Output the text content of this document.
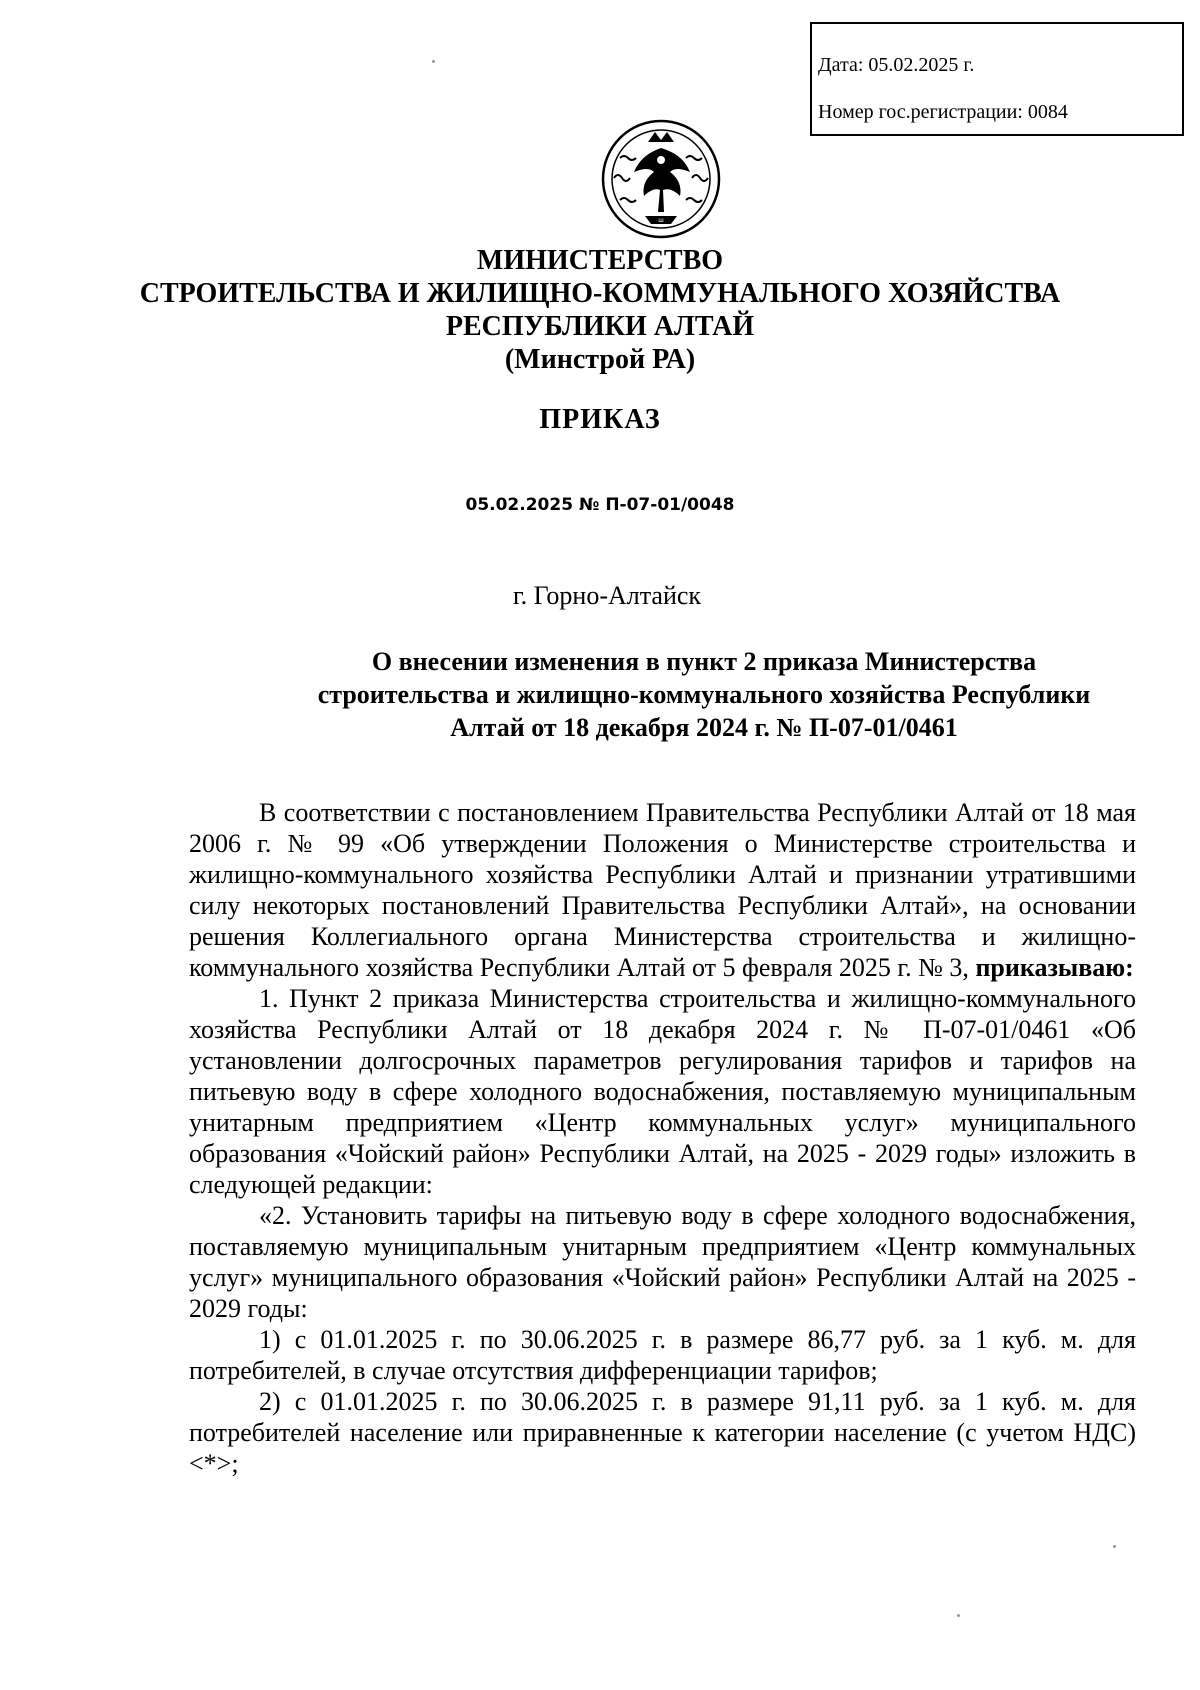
Дата: 05.02.2025 г.
Номер гос.регистрации: 0084
ш
МИНИСТЕРСТВО
СТРОИТЕЛЬСТВА И ЖИЛИЩНО-КОММУНАЛЬНОГО ХОЗЯЙСТВА
РЕСПУБЛИКИ АЛТАЙ
(Минстрой РА)
ПРИКАЗ
05.02.2025 № П-07-01/0048
г. Горно-Алтайск
О внесении изменения в пункт 2 приказа Министерства
строительства и жилищно-коммунального хозяйства Республики
Алтай от 18 декабря 2024 г. № П-07-01/0461

В соответствии с постановлением Правительства Республики Алтай от 18 мая 2006 г. № 99 «Об утверждении Положения о Министерстве строительства и жилищно-коммунального хозяйства Республики Алтай и признании утратившими силу некоторых постановлений Правительства Республики Алтай», на основании решения Коллегиального органа Министерства строительства и жилищно-коммунального хозяйства Республики Алтай от 5 февраля 2025 г. № 3, приказываю:

1. Пункт 2 приказа Министерства строительства и жилищно-коммунального хозяйства Республики Алтай от 18 декабря 2024 г. № П-07-01/0461 «Об установлении долгосрочных параметров регулирования тарифов и тарифов на питьевую воду в сфере холодного водоснабжения, поставляемую муниципальным унитарным предприятием «Центр коммунальных услуг» муниципального образования «Чойский район» Республики Алтай, на 2025 - 2029 годы» изложить в следующей редакции:

«2. Установить тарифы на питьевую воду в сфере холодного водоснабжения, поставляемую муниципальным унитарным предприятием «Центр коммунальных услуг» муниципального образования «Чойский район» Республики Алтай на 2025 - 2029 годы:

1) с 01.01.2025 г. по 30.06.2025 г. в размере 86,77 руб. за 1 куб. м. для потребителей, в случае отсутствия дифференциации тарифов;

2) с 01.01.2025 г. по 30.06.2025 г. в размере 91,11 руб. за 1 куб. м. для потребителей население или приравненные к категории население (с учетом НДС) <*>;
